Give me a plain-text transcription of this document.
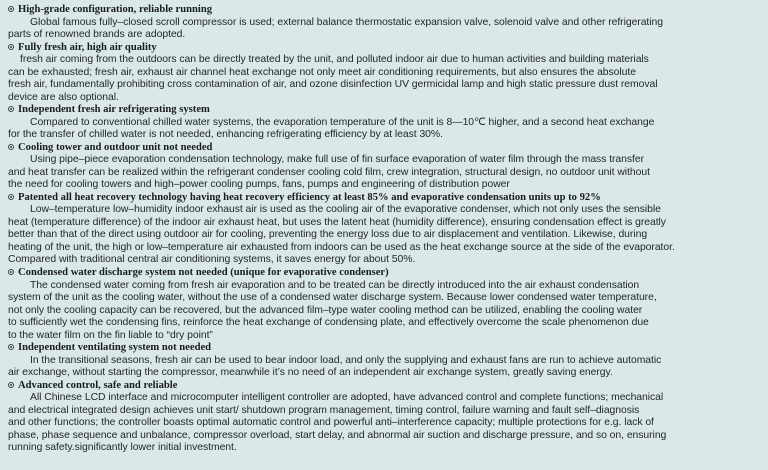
High-grade configuration, reliable running
Global famous fully–closed scroll compressor is used; external balance thermostatic expansion valve, solenoid valve and other refrigerating
parts of renowned brands are adopted.
Fully fresh air, high air quality
fresh air coming from the outdoors can be directly treated by the unit, and polluted indoor air due to human activities and building materials
can be exhausted; fresh air, exhaust air channel heat exchange not only meet air conditioning requirements, but also ensures the absolute
fresh air, fundamentally prohibiting cross contamination of air, and ozone disinfection UV germicidal lamp and high static pressure dust removal
device are also optional.
Independent fresh air refrigerating system
Compared to conventional chilled water systems, the evaporation temperature of the unit is 8—10℃ higher, and a second heat exchange
for the transfer of chilled water is not needed, enhancing refrigerating efficiency by at least 30%.
Cooling tower and outdoor unit not needed
Using pipe–piece evaporation condensation technology, make full use of fin surface evaporation of water film through the mass transfer
and heat transfer can be realized within the refrigerant condenser cooling cold film, crew integration, structural design, no outdoor unit without
the need for cooling towers and high–power cooling pumps, fans, pumps and engineering of distribution power
Patented all heat recovery technology having heat recovery efficiency at least 85% and evaporative condensation units up to 92%
Low–temperature low–humidity indoor exhaust air is used as the cooling air of the evaporative condenser, which not only uses the sensible
heat (temperature difference) of the indoor air exhaust heat, but uses the latent heat (humidity difference), ensuring condensation effect is greatly
better than that of the direct using outdoor air for cooling, preventing the energy loss due to air displacement and ventilation. Likewise, during
heating of the unit, the high or low–temperature air exhausted from indoors can be used as the heat exchange source at the side of the evaporator.
Compared with traditional central air conditioning systems, it saves energy for about 50%.
Condensed water discharge system not needed (unique for evaporative condenser)
The condensed water coming from fresh air evaporation and to be treated can be directly introduced into the air exhaust condensation
system of the unit as the cooling water, without the use of a condensed water discharge system. Because lower condensed water temperature,
not only the cooling capacity can be recovered, but the advanced film–type water cooling method can be utilized, enabling the cooling water
to sufficiently wet the condensing fins, reinforce the heat exchange of condensing plate, and effectively overcome the scale phenomenon due
to the water film on the fin liable to “dry point”
Independent ventilating system not needed
In the transitional seasons, fresh air can be used to bear indoor load, and only the supplying and exhaust fans are run to achieve automatic
air exchange, without starting the compressor, meanwhile it’s no need of an independent air exchange system, greatly saving energy.
Advanced control, safe and reliable
All Chinese LCD interface and microcomputer intelligent controller are adopted, have advanced control and complete functions; mechanical
and electrical integrated design achieves unit start/ shutdown program management, timing control, failure warning and fault self–diagnosis
and other functions; the controller boasts optimal automatic control and powerful anti–interference capacity; multiple protections for e.g. lack of
phase, phase sequence and unbalance, compressor overload, start delay, and abnormal air suction and discharge pressure, and so on, ensuring
running safety.significantly lower initial investment.
